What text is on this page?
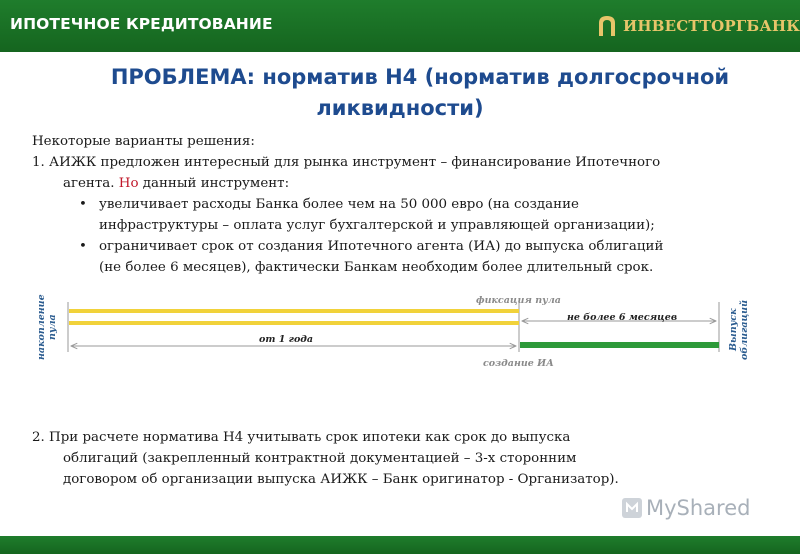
ИПОТЕЧНОЕ КРЕДИТОВАНИЕ	ИНВЕСТТОРГБАНК
ПРОБЛЕМА: норматив Н4 (норматив долгосрочной
ликвидности)
Некоторые варианты решения:
1. АИЖК предложен интересный для рынка инструмент – финансирование Ипотечного
агента. Но данный инструмент:
• увеличивает расходы Банка более чем на 50 000 евро (на создание
инфраструктуры – оплата услуг бухгалтерской и управляющей организации);
• ограничивает срок от создания Ипотечного агента (ИА) до выпуска облигаций
(не более 6 месяцев), фактически Банкам необходим более длительный срок.
накопление
пула	Выпуск
облигаций
фиксация пула
не более 6 месяцев
от 1 года
создание ИА
2. При расчете норматива Н4 учитывать срок ипотеки как срок до выпуска
облигаций (закрепленный контрактной документацией – 3-х сторонним
договором об организации выпуска АИЖК – Банк оригинатор - Организатор).
MyShared
